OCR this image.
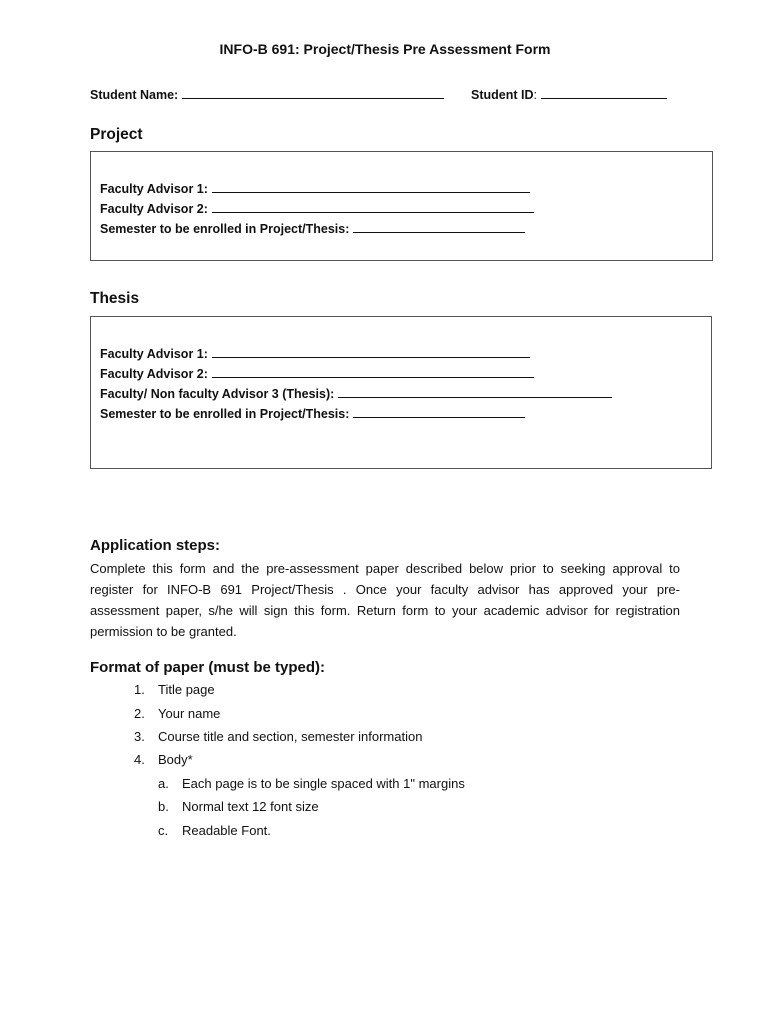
INFO-B 691: Project/Thesis Pre Assessment Form
Student Name:	Student ID:
Project
Faculty Advisor 1:
Faculty Advisor 2:
Semester to be enrolled in Project/Thesis:
Thesis
Faculty Advisor 1:
Faculty Advisor 2:
Faculty/ Non faculty Advisor 3 (Thesis):
Semester to be enrolled in Project/Thesis:
Application steps:
Complete this form and the pre-assessment paper described below prior to seeking approval to
register for INFO-B 691 Project/Thesis . Once your faculty advisor has approved your pre-
assessment paper, s/he will sign this form. Return form to your academic advisor for registration
permission to be granted.
Format of paper (must be typed):
1. Title page
2. Your name
3. Course title and section, semester information
4. Body*
a. Each page is to be single spaced with 1" margins
b. Normal text 12 font size
c. Readable Font.
